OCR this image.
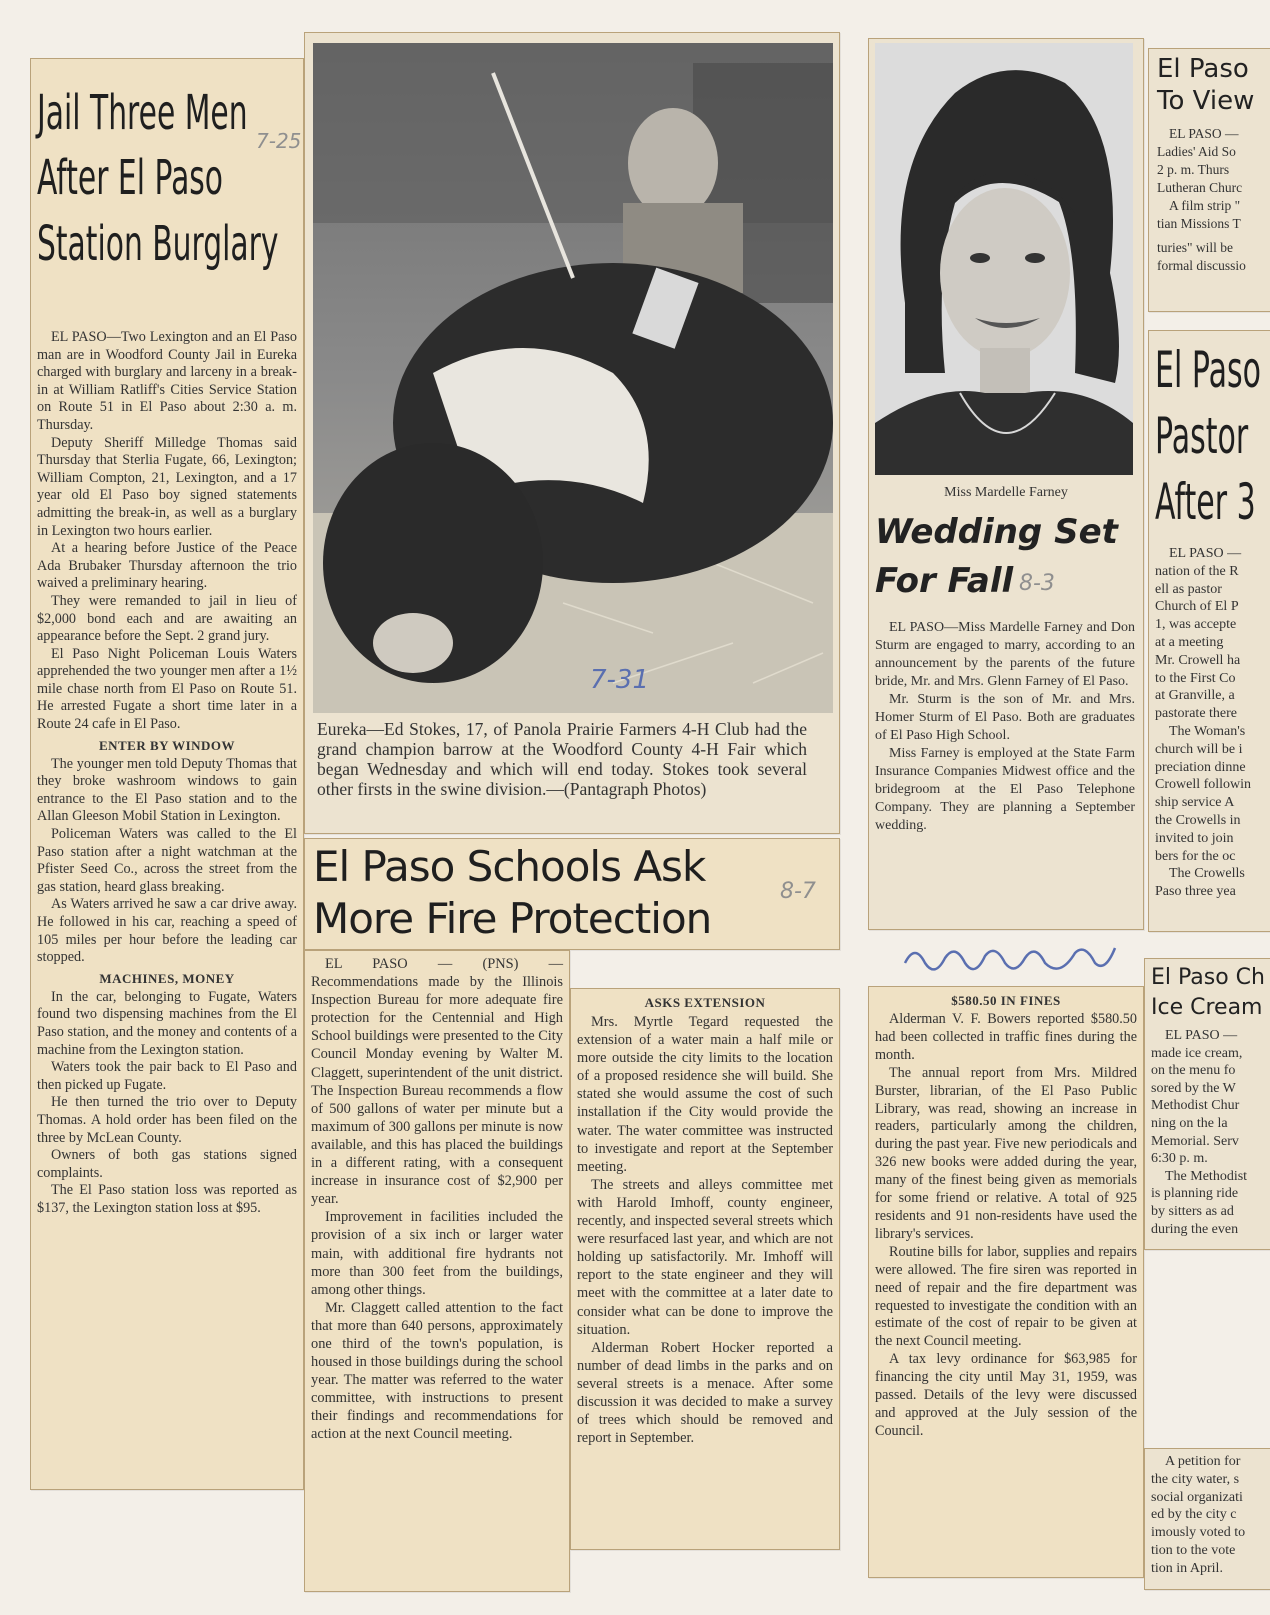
Jail Three Men
After El Paso
Station Burglary
7-25

EL PASO—Two Lexington and an El Paso man are in Woodford County Jail in Eureka charged with burglary and larceny in a break-in at William Ratliff's Cities Service Station on Route 51 in El Paso about 2:30 a. m. Thursday.

Deputy Sheriff Milledge Thomas said Thursday that Sterlia Fugate, 66, Lexington; William Compton, 21, Lexington, and a 17 year old El Paso boy signed statements admitting the break-in, as well as a burglary in Lexington two hours earlier.

At a hearing before Justice of the Peace Ada Brubaker Thursday afternoon the trio waived a preliminary hearing.

They were remanded to jail in lieu of $2,000 bond each and are awaiting an appearance before the Sept. 2 grand jury.

El Paso Night Policeman Louis Waters apprehended the two younger men after a 1½ mile chase north from El Paso on Route 51. He arrested Fugate a short time later in a Route 24 cafe in El Paso.

ENTER BY WINDOW

The younger men told Deputy Thomas that they broke washroom windows to gain entrance to the El Paso station and to the Allan Gleeson Mobil Station in Lexington.

Policeman Waters was called to the El Paso station after a night watchman at the Pfister Seed Co., across the street from the gas station, heard glass breaking.

As Waters arrived he saw a car drive away. He followed in his car, reaching a speed of 105 miles per hour before the leading car stopped.

MACHINES, MONEY

In the car, belonging to Fugate, Waters found two dispensing machines from the El Paso station, and the money and contents of a machine from the Lexington station.

Waters took the pair back to El Paso and then picked up Fugate.

He then turned the trio over to Deputy Thomas. A hold order has been filed on the three by McLean County.

Owners of both gas stations signed complaints.

The El Paso station loss was reported as $137, the Lexington station loss at $95.

7-31

Eureka—Ed Stokes, 17, of Panola Prairie Farmers 4-H Club had the grand champion barrow at the Woodford County 4-H Fair which began Wednesday and which will end today. Stokes took several other firsts in the swine division.—(Pantagraph Photos)

El Paso Schools Ask
More Fire Protection
8-7

EL PASO — (PNS) — Recommendations made by the Illinois Inspection Bureau for more adequate fire protection for the Centennial and High School buildings were presented to the City Council Monday evening by Walter M. Claggett, superintendent of the unit district. The Inspection Bureau recommends a flow of 500 gallons of water per minute but a maximum of 300 gallons per minute is now available, and this has placed the buildings in a different rating, with a consequent increase in insurance cost of $2,900 per year.

Improvement in facilities included the provision of a six inch or larger water main, with additional fire hydrants not more than 300 feet from the buildings, among other things.

Mr. Claggett called attention to the fact that more than 640 persons, approximately one third of the town's population, is housed in those buildings during the school year. The matter was referred to the water committee, with instructions to present their findings and recommendations for action at the next Council meeting.

ASKS EXTENSION

Mrs. Myrtle Tegard requested the extension of a water main a half mile or more outside the city limits to the location of a proposed residence she will build. She stated she would assume the cost of such installation if the City would provide the water. The water committee was instructed to investigate and report at the September meeting.

The streets and alleys committee met with Harold Imhoff, county engineer, recently, and inspected several streets which were resurfaced last year, and which are not holding up satisfactorily. Mr. Imhoff will report to the state engineer and they will meet with the committee at a later date to consider what can be done to improve the situation.

Alderman Robert Hocker reported a number of dead limbs in the parks and on several streets is a menace. After some discussion it was decided to make a survey of trees which should be removed and report in September.

Miss Mardelle Farney
Wedding Set
For Fall 8-3

EL PASO—Miss Mardelle Farney and Don Sturm are engaged to marry, according to an announcement by the parents of the future bride, Mr. and Mrs. Glenn Farney of El Paso.

Mr. Sturm is the son of Mr. and Mrs. Homer Sturm of El Paso. Both are graduates of El Paso High School.

Miss Farney is employed at the State Farm Insurance Companies Midwest office and the bridegroom at the El Paso Telephone Company. They are planning a September wedding.

$580.50 IN FINES

Alderman V. F. Bowers reported $580.50 had been collected in traffic fines during the month.

The annual report from Mrs. Mildred Burster, librarian, of the El Paso Public Library, was read, showing an increase in readers, particularly among the children, during the past year. Five new periodicals and 326 new books were added during the year, many of the finest being given as memorials for some friend or relative. A total of 925 residents and 91 non-residents have used the library's services.

Routine bills for labor, supplies and repairs were allowed. The fire siren was reported in need of repair and the fire department was requested to investigate the condition with an estimate of the cost of repair to be given at the next Council meeting.

A tax levy ordinance for $63,985 for financing the city until May 31, 1959, was passed. Details of the levy were discussed and approved at the July session of the Council.

El Paso
To View
EL PASO —
Ladies' Aid So
2 p. m. Thurs
Lutheran Churc
A film strip "
tian Missions T
turies" will be
formal discussio
El Paso
Pastor
After 3
EL PASO —
nation of the R
ell as pastor
Church of El P
1, was accepte
at a meeting
Mr. Crowell ha
to the First Co
at Granville, a
pastorate there
The Woman's
church will be i
preciation dinne
Crowell followin
ship service A
the Crowells in
invited to join
bers for the oc
The Crowells
Paso three yea
El Paso Ch
Ice Cream
EL PASO —
made ice cream,
on the menu fo
sored by the W
Methodist Chur
ning on the la
Memorial. Serv
6:30 p. m.
The Methodist
is planning ride
by sitters as ad
during the even
A petition for
the city water, s
social organizati
ed by the city c
imously voted to
tion to the vote
tion in April.
